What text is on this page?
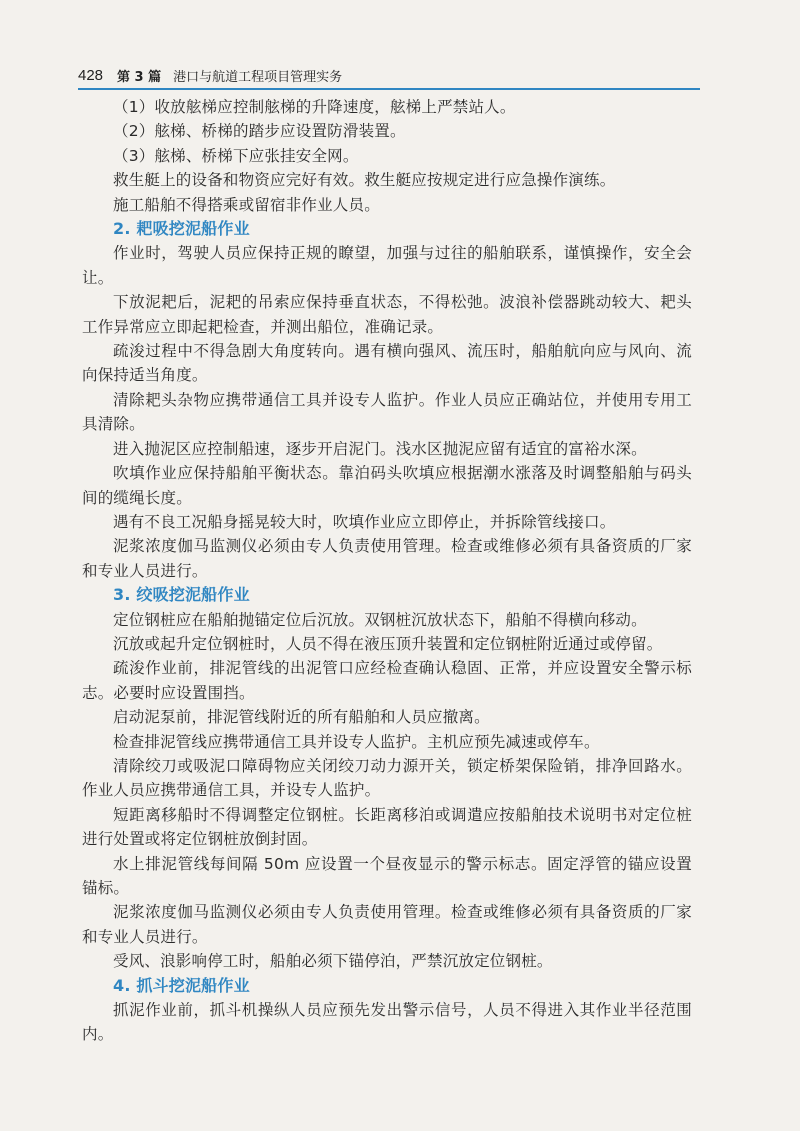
428 第 3 篇 港口与航道工程项目管理实务

（1）收放舷梯应控制舷梯的升降速度，舷梯上严禁站人。

（2）舷梯、桥梯的踏步应设置防滑装置。

（3）舷梯、桥梯下应张挂安全网。

救生艇上的设备和物资应完好有效。救生艇应按规定进行应急操作演练。

施工船舶不得搭乘或留宿非作业人员。

2. 耙吸挖泥船作业

作业时，驾驶人员应保持正规的瞭望，加强与过往的船舶联系，谨慎操作，安全会让。

下放泥耙后，泥耙的吊索应保持垂直状态，不得松弛。波浪补偿器跳动较大、耙头工作异常应立即起耙检查，并测出船位，准确记录。

疏浚过程中不得急剧大角度转向。遇有横向强风、流压时，船舶航向应与风向、流向保持适当角度。

清除耙头杂物应携带通信工具并设专人监护。作业人员应正确站位，并使用专用工具清除。

进入抛泥区应控制船速，逐步开启泥门。浅水区抛泥应留有适宜的富裕水深。

吹填作业应保持船舶平衡状态。靠泊码头吹填应根据潮水涨落及时调整船舶与码头间的缆绳长度。

遇有不良工况船身摇晃较大时，吹填作业应立即停止，并拆除管线接口。

泥浆浓度伽马监测仪必须由专人负责使用管理。检查或维修必须有具备资质的厂家和专业人员进行。

3. 绞吸挖泥船作业

定位钢桩应在船舶抛锚定位后沉放。双钢桩沉放状态下，船舶不得横向移动。

沉放或起升定位钢桩时，人员不得在液压顶升装置和定位钢桩附近通过或停留。

疏浚作业前，排泥管线的出泥管口应经检查确认稳固、正常，并应设置安全警示标志。必要时应设置围挡。

启动泥泵前，排泥管线附近的所有船舶和人员应撤离。

检查排泥管线应携带通信工具并设专人监护。主机应预先减速或停车。

清除绞刀或吸泥口障碍物应关闭绞刀动力源开关，锁定桥架保险销，排净回路水。作业人员应携带通信工具，并设专人监护。

短距离移船时不得调整定位钢桩。长距离移泊或调遣应按船舶技术说明书对定位桩进行处置或将定位钢桩放倒封固。

水上排泥管线每间隔 50m 应设置一个昼夜显示的警示标志。固定浮管的锚应设置锚标。

泥浆浓度伽马监测仪必须由专人负责使用管理。检查或维修必须有具备资质的厂家和专业人员进行。

受风、浪影响停工时，船舶必须下锚停泊，严禁沉放定位钢桩。

4. 抓斗挖泥船作业

抓泥作业前，抓斗机操纵人员应预先发出警示信号，人员不得进入其作业半径范围内。
